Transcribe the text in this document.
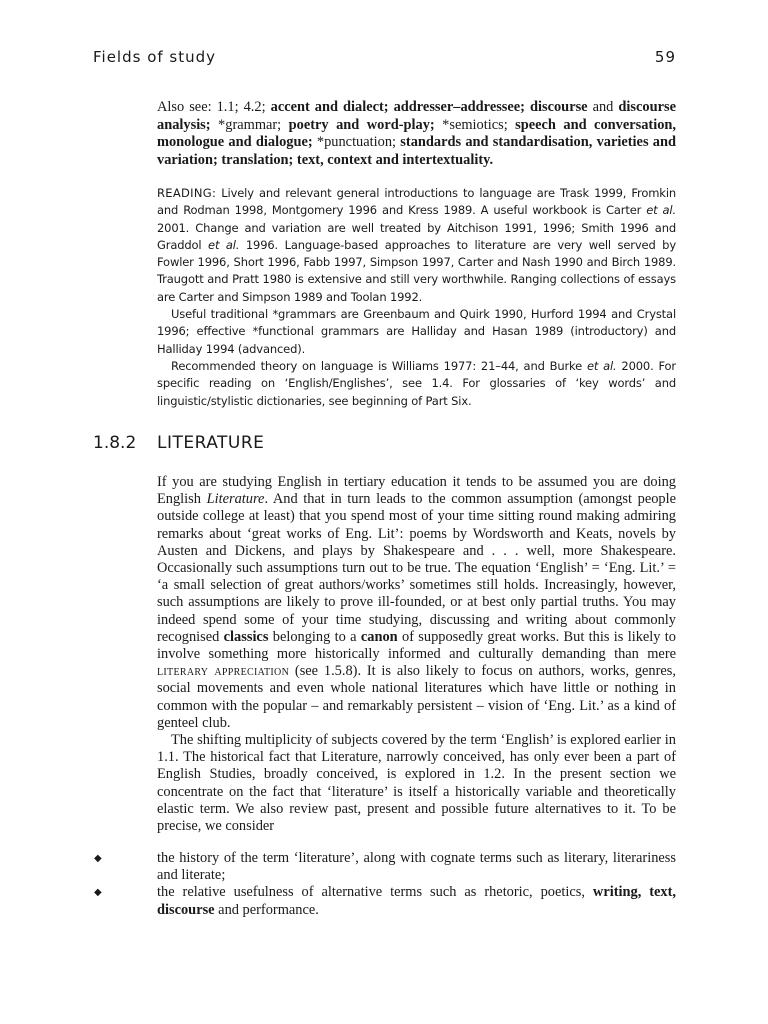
Fields of study	59
Also see: 1.1; 4.2; accent and dialect; addresser–addressee; discourse and discourse analysis; *grammar; poetry and word-play; *semiotics; speech and conversation, monologue and dialogue; *punctuation; standards and standardisation, varieties and variation; translation; text, context and intertextuality.

READING: Lively and relevant general introductions to language are Trask 1999, Fromkin and Rodman 1998, Montgomery 1996 and Kress 1989. A useful workbook is Carter et al. 2001. Change and variation are well treated by Aitchison 1991, 1996; Smith 1996 and Graddol et al. 1996. Language-based approaches to literature are very well served by Fowler 1996, Short 1996, Fabb 1997, Simpson 1997, Carter and Nash 1990 and Birch 1989. Traugott and Pratt 1980 is extensive and still very worthwhile. Ranging collections of essays are Carter and Simpson 1989 and Toolan 1992.

Useful traditional *grammars are Greenbaum and Quirk 1990, Hurford 1994 and Crystal 1996; effective *functional grammars are Halliday and Hasan 1989 (introductory) and Halliday 1994 (advanced).

Recommended theory on language is Williams 1977: 21–44, and Burke et al. 2000. For specific reading on ‘English/Englishes’, see 1.4. For glossaries of ‘key words’ and linguistic/stylistic dictionaries, see beginning of Part Six.

1.8.2 LITERATURE

If you are studying English in tertiary education it tends to be assumed you are doing English Literature. And that in turn leads to the common assumption (amongst people outside college at least) that you spend most of your time sitting round making admiring remarks about ‘great works of Eng. Lit’: poems by Wordsworth and Keats, novels by Austen and Dickens, and plays by Shakespeare and . . . well, more Shakespeare. Occasionally such assumptions turn out to be true. The equation ‘English’ = ‘Eng. Lit.’ = ‘a small selection of great authors/works’ sometimes still holds. Increasingly, however, such assumptions are likely to prove ill-founded, or at best only partial truths. You may indeed spend some of your time studying, discussing and writing about commonly recognised classics belonging to a canon of supposedly great works. But this is likely to involve something more historically informed and culturally demanding than mere literary appreciation (see 1.5.8). It is also likely to focus on authors, works, genres, social movements and even whole national literatures which have little or nothing in common with the popular – and remarkably persistent – vision of ‘Eng. Lit.’ as a kind of genteel club.

The shifting multiplicity of subjects covered by the term ‘English’ is explored earlier in 1.1. The historical fact that Literature, narrowly conceived, has only ever been a part of English Studies, broadly conceived, is explored in 1.2. In the present section we concentrate on the fact that ‘literature’ is itself a historically variable and theoretically elastic term. We also review past, present and possible future alternatives to it. To be precise, we consider

◆	the history of the term ‘literature’, along with cognate terms such as literary, literariness and literate;
◆	the relative usefulness of alternative terms such as rhetoric, poetics, writing, text, discourse and performance.
